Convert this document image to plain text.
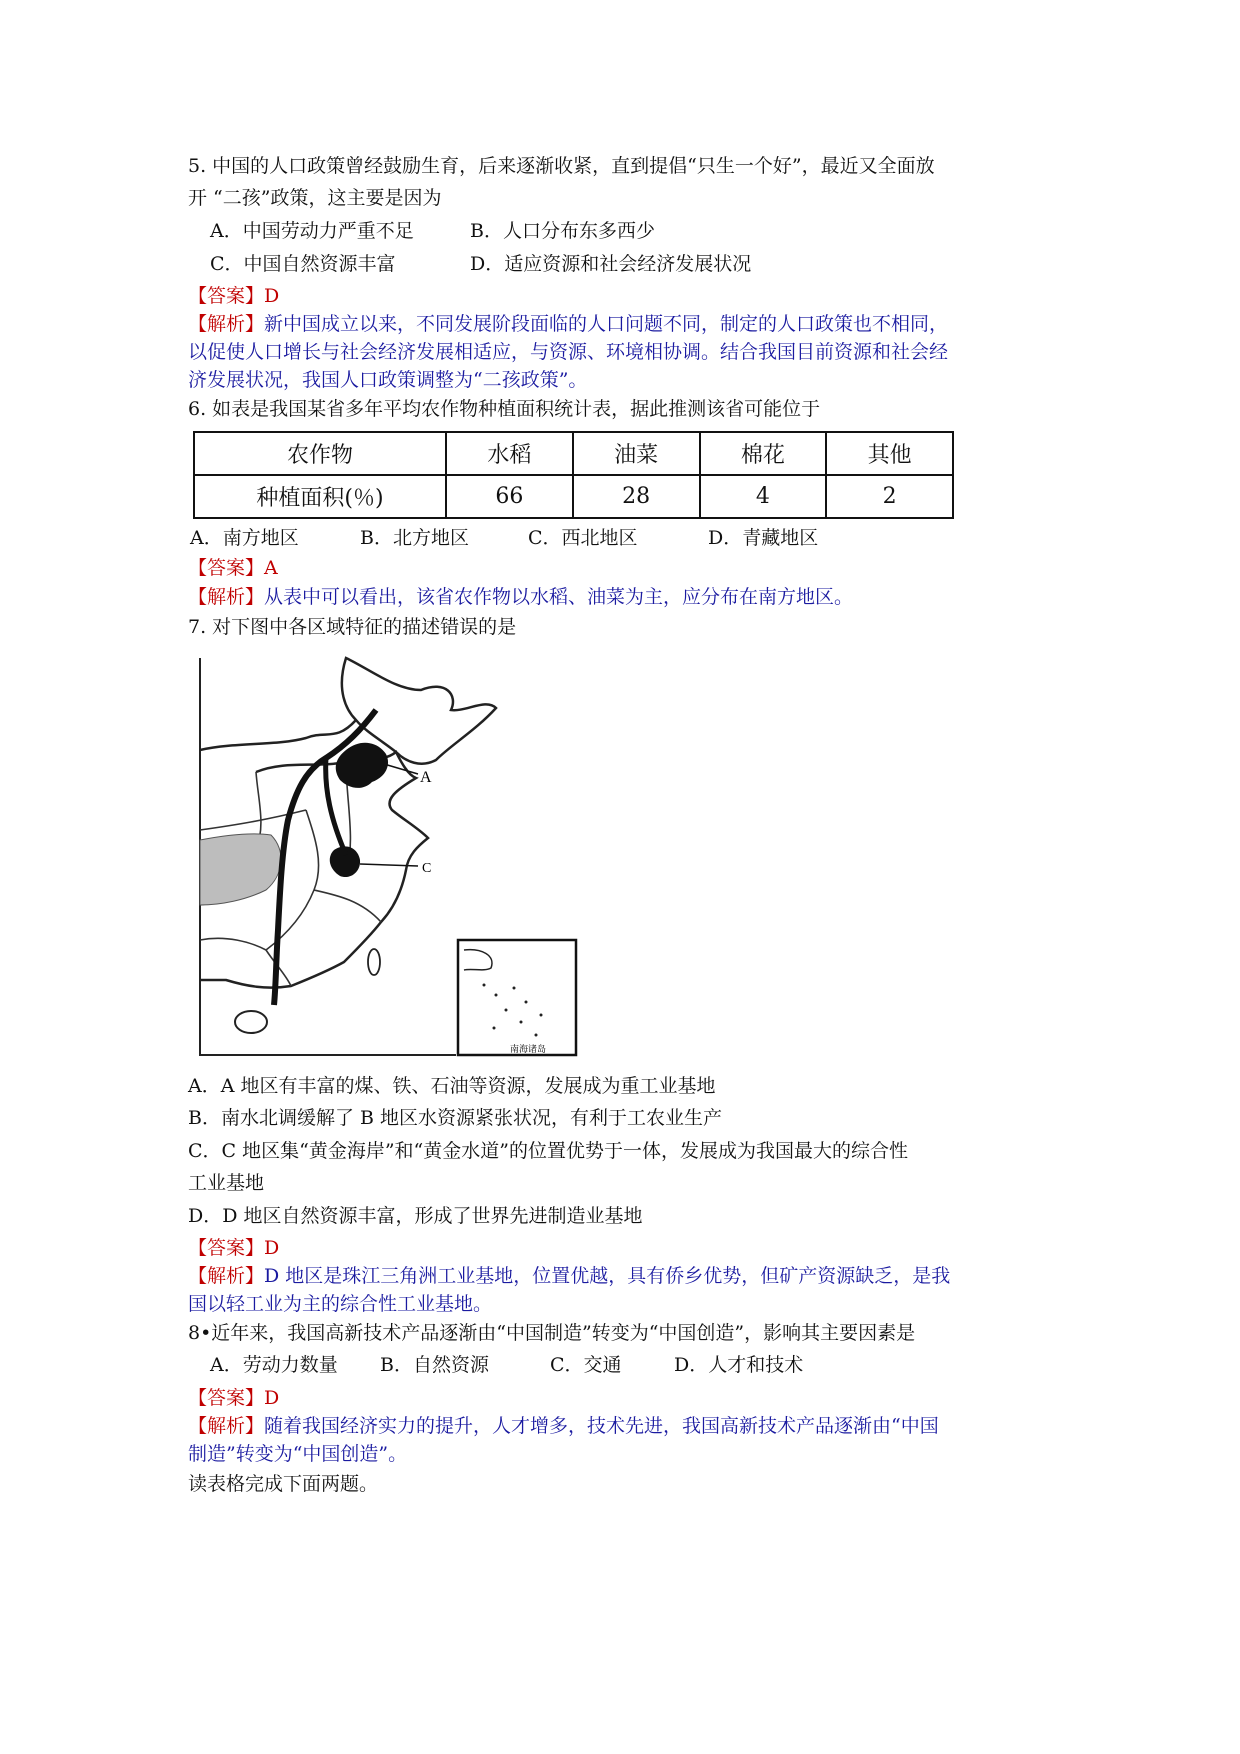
5. 中国的人口政策曾经鼓励生育，后来逐渐收紧，直到提倡“只生一个好”，最近又全面放
开 “二孩”政策，这主要是因为
A．中国劳动力严重不足	B．人口分布东多西少
C．中国自然资源丰富	D．适应资源和社会经济发展状况
【答案】D
【解析】新中国成立以来，不同发展阶段面临的人口问题不同，制定的人口政策也不相同，
以促使人口增长与社会经济发展相适应，与资源、环境相协调。结合我国目前资源和社会经
济发展状况，我国人口政策调整为“二孩政策”。
6. 如表是我国某省多年平均农作物种植面积统计表，据此推测该省可能位于
农作物	水稻	油菜	棉花	其他
种植面积(％)	66	28	4	2
A．南方地区	B．北方地区	C．西北地区	D．青藏地区
【答案】A
【解析】从表中可以看出，该省农作物以水稻、油菜为主，应分布在南方地区。
7. 对下图中各区域特征的描述错误的是
A
C
南海诸岛
A．A 地区有丰富的煤、铁、石油等资源，发展成为重工业基地
B．南水北调缓解了 B 地区水资源紧张状况，有利于工农业生产
C．C 地区集“黄金海岸”和“黄金水道”的位置优势于一体，发展成为我国最大的综合性
工业基地
D．D 地区自然资源丰富，形成了世界先进制造业基地
【答案】D
【解析】D 地区是珠江三角洲工业基地，位置优越，具有侨乡优势，但矿产资源缺乏，是我
国以轻工业为主的综合性工业基地。
8•近年来，我国高新技术产品逐渐由“中国制造”转变为“中国创造”，影响其主要因素是
A．劳动力数量 B．自然资源	C．交通	D．人才和技术
【答案】D
【解析】随着我国经济实力的提升，人才增多，技术先进，我国高新技术产品逐渐由“中国
制造”转变为“中国创造”。
读表格完成下面两题。
